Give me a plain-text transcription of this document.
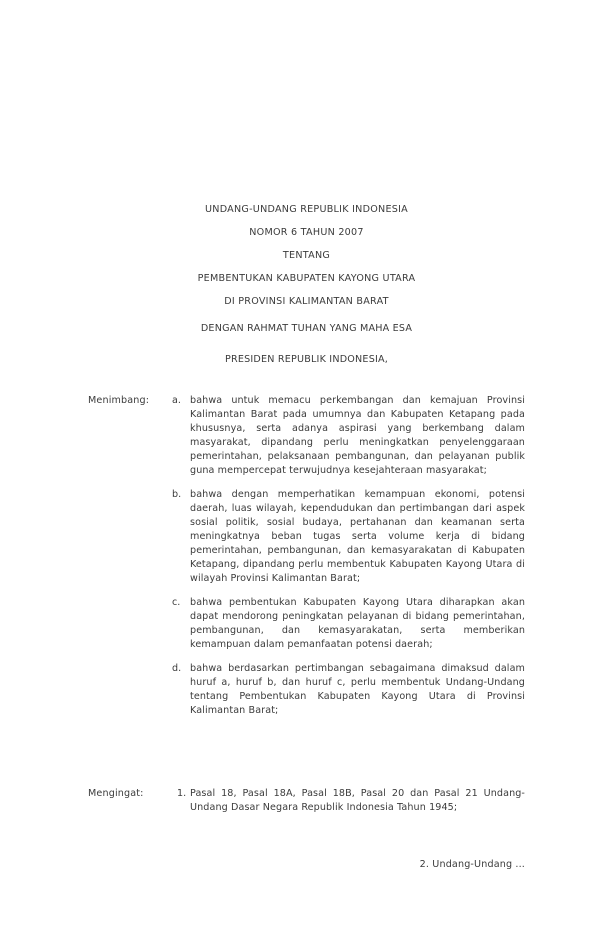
UNDANG-UNDANG REPUBLIK INDONESIA
NOMOR 6 TAHUN 2007
TENTANG
PEMBENTUKAN KABUPATEN KAYONG UTARA
DI PROVINSI KALIMANTAN BARAT
DENGAN RAHMAT TUHAN YANG MAHA ESA
PRESIDEN REPUBLIK INDONESIA,
Menimbang:	a. bahwa untuk memacu perkembangan dan kemajuan Provinsi Kalimantan Barat pada umumnya dan Kabupaten Ketapang pada khususnya, serta adanya aspirasi yang berkembang dalam masyarakat, dipandang perlu meningkatkan penyelenggaraan pemerintahan, pelaksanaan pembangunan, dan pelayanan publik guna mempercepat terwujudnya kesejahteraan masyarakat;
b. bahwa dengan memperhatikan kemampuan ekonomi, potensi daerah, luas wilayah, kependudukan dan pertimbangan dari aspek sosial politik, sosial budaya, pertahanan dan keamanan serta meningkatnya beban tugas serta volume kerja di bidang pemerintahan, pembangunan, dan kemasyarakatan di Kabupaten Ketapang, dipandang perlu membentuk Kabupaten Kayong Utara di wilayah Provinsi Kalimantan Barat;
c.	bahwa pembentukan Kabupaten Kayong Utara diharapkan akan dapat mendorong peningkatan pelayanan di bidang pemerintahan, pembangunan, dan kemasyarakatan, serta memberikan kemampuan dalam pemanfaatan potensi daerah;
d. bahwa berdasarkan pertimbangan sebagaimana dimaksud dalam huruf a, huruf b, dan huruf c, perlu membentuk Undang-Undang tentang Pembentukan Kabupaten Kayong Utara di Provinsi Kalimantan Barat;
Mengingat:	1. Pasal 18, Pasal 18A, Pasal 18B, Pasal 20 dan Pasal 21 Undang-Undang Dasar Negara Republik Indonesia Tahun 1945;
2. Undang-Undang ...
